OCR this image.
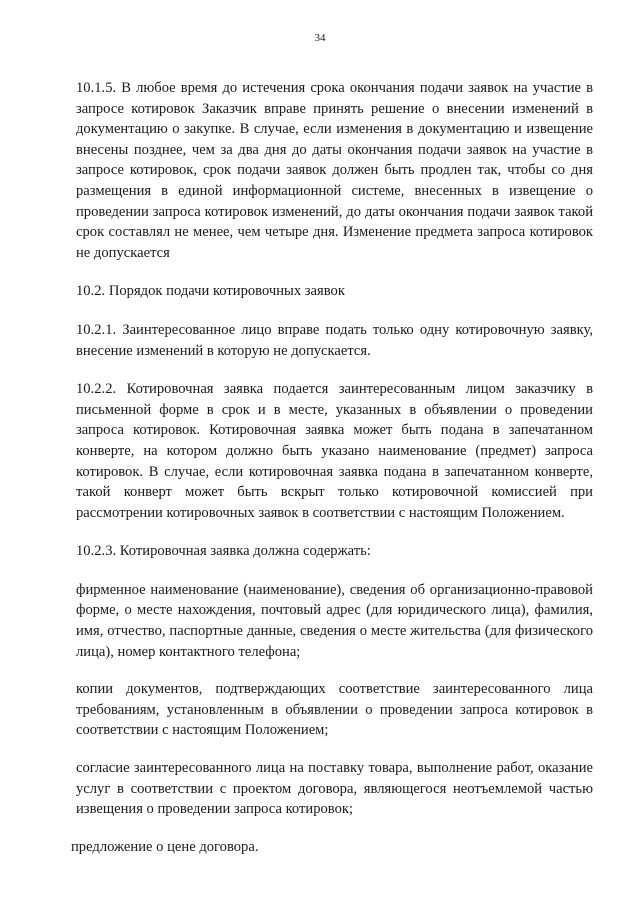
34

10.1.5. В любое время до истечения срока окончания подачи заявок на участие в запросе котировок Заказчик вправе принять решение о внесении изменений в документацию о закупке. В случае, если изменения в документацию и извещение внесены позднее, чем за два дня до даты окончания подачи заявок на участие в запросе котировок, срок подачи заявок должен быть продлен так, чтобы со дня размещения в единой информационной системе, внесенных в извещение о проведении запроса котировок изменений, до даты окончания подачи заявок такой срок составлял не менее, чем четыре дня. Изменение предмета запроса котировок не допускается

10.2. Порядок подачи котировочных заявок

10.2.1. Заинтересованное лицо вправе подать только одну котировочную заявку, внесение изменений в которую не допускается.

10.2.2. Котировочная заявка подается заинтересованным лицом заказчику в письменной форме в срок и в месте, указанных в объявлении о проведении запроса котировок. Котировочная заявка может быть подана в запечатанном конверте, на котором должно быть указано наименование (предмет) запроса котировок. В случае, если котировочная заявка подана в запечатанном конверте, такой конверт может быть вскрыт только котировочной комиссией при рассмотрении котировочных заявок в соответствии с настоящим Положением.

10.2.3. Котировочная заявка должна содержать:

фирменное наименование (наименование), сведения об организационно-правовой форме, о месте нахождения, почтовый адрес (для юридического лица), фамилия, имя, отчество, паспортные данные, сведения о месте жительства (для физического лица), номер контактного телефона;

копии документов, подтверждающих соответствие заинтересованного лица требованиям, установленным в объявлении о проведении запроса котировок в соответствии с настоящим Положением;

согласие заинтересованного лица на поставку товара, выполнение работ, оказание услуг в соответствии с проектом договора, являющегося неотъемлемой частью извещения о проведении запроса котировок;

предложение о цене договора.
